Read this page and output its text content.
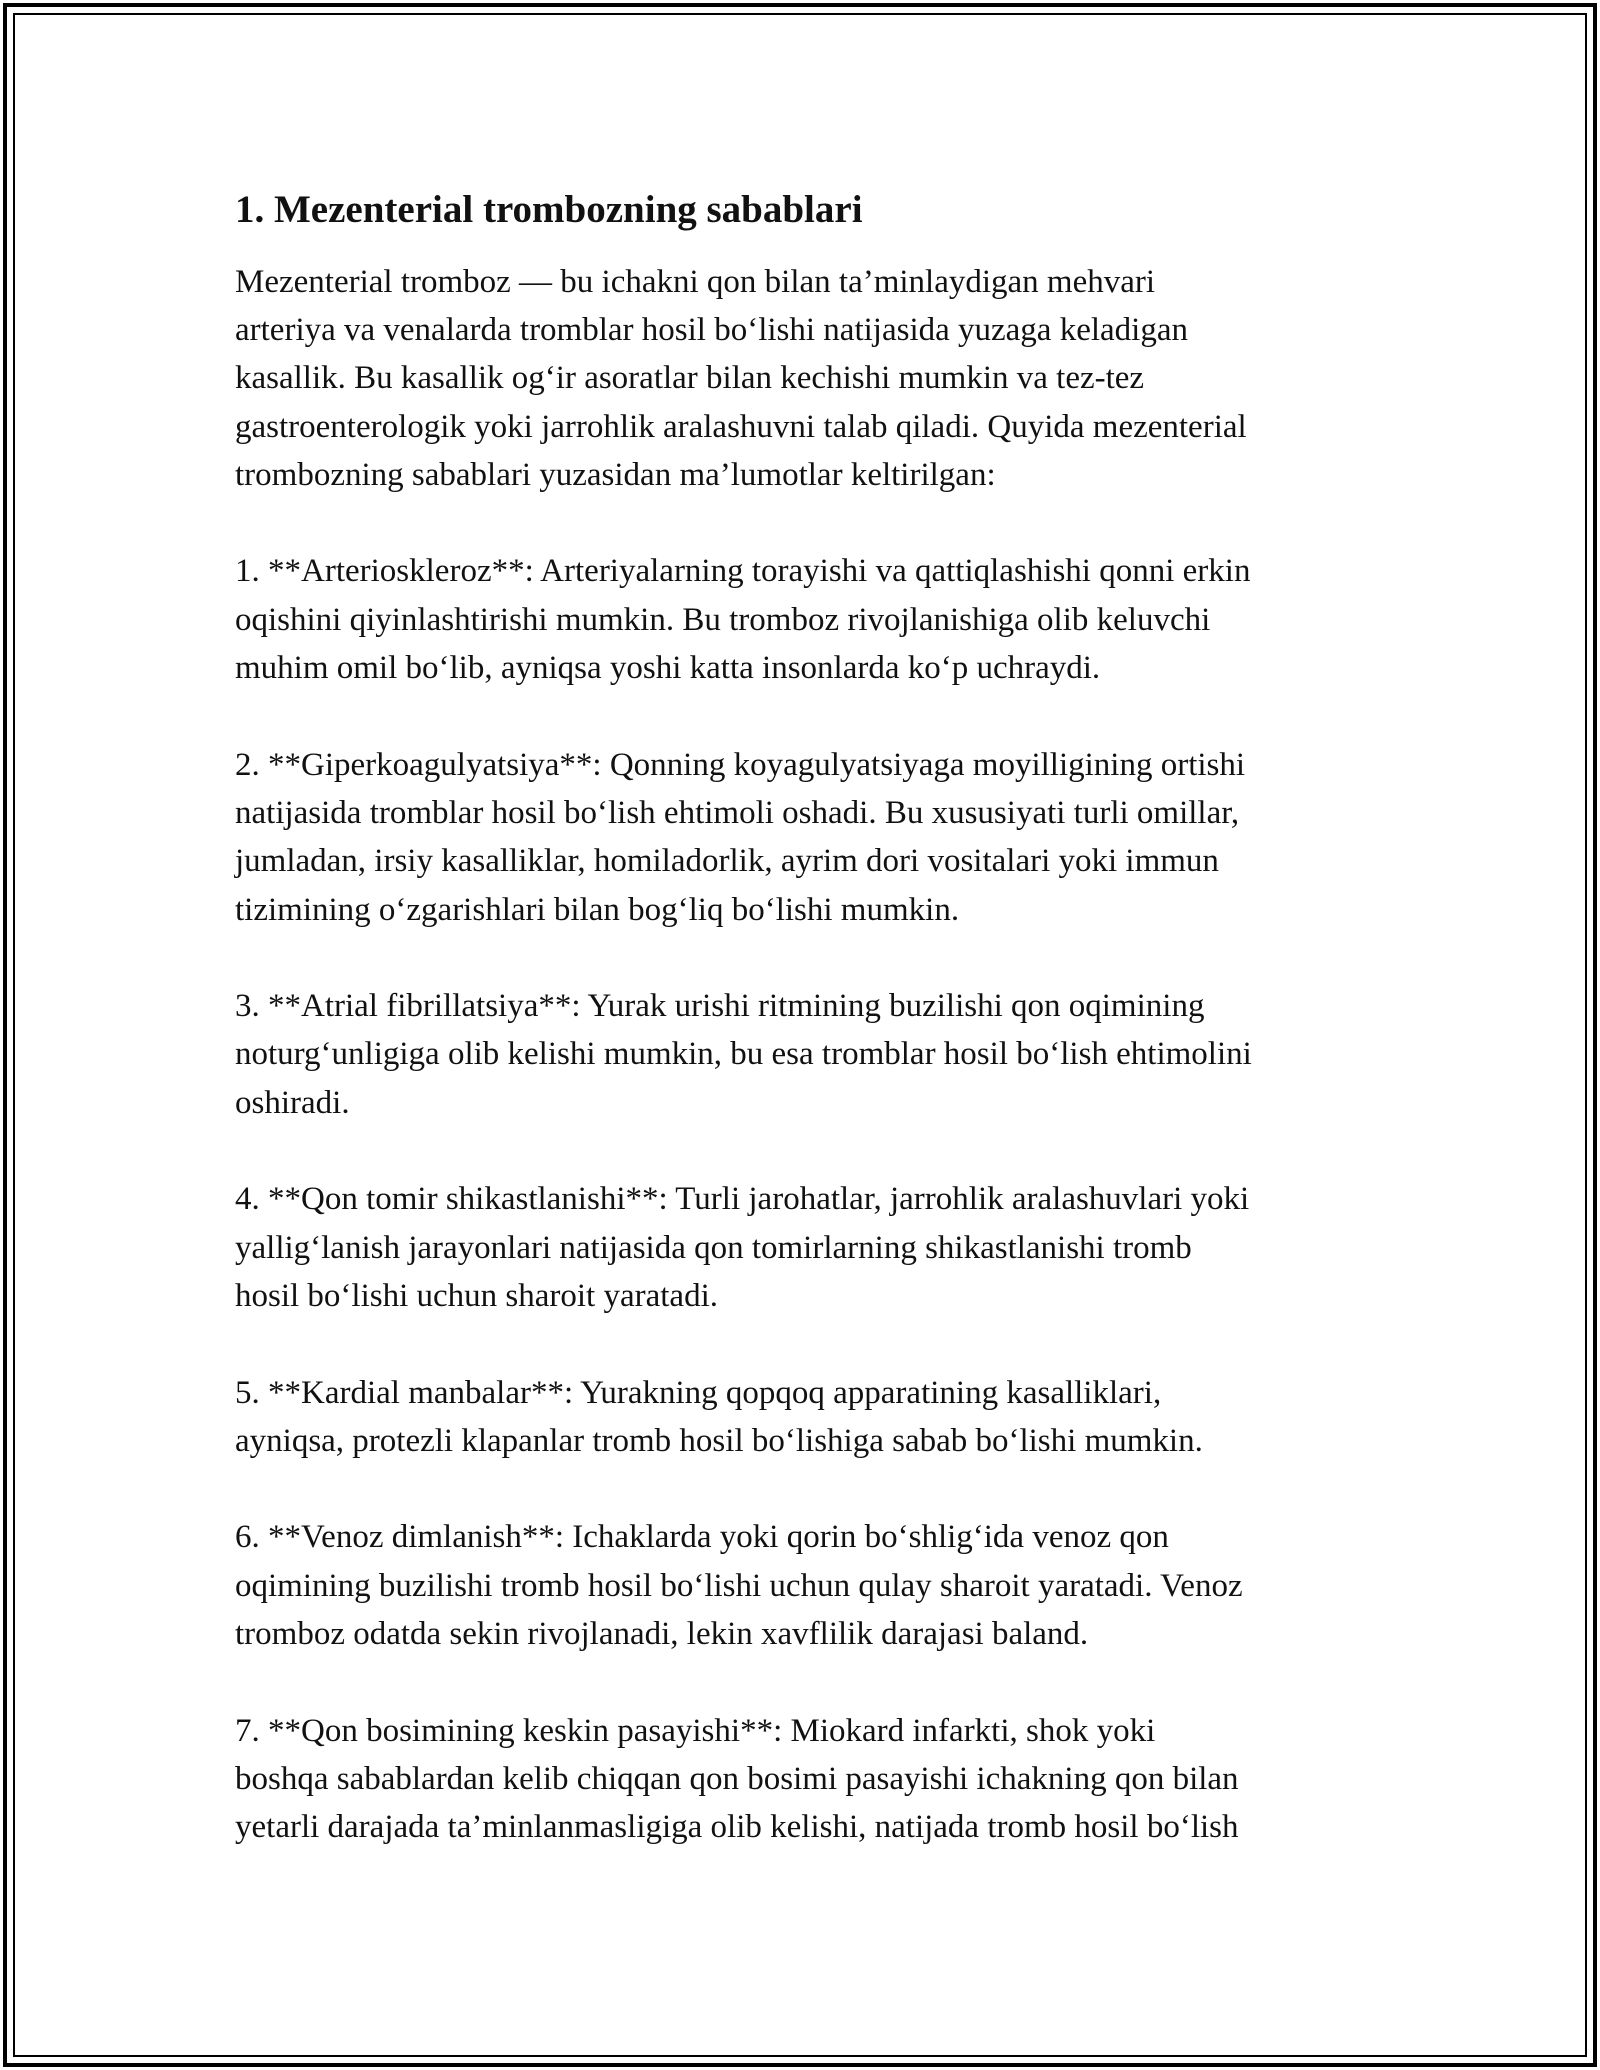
1. Mezenterial trombozning sabablari

Mezenterial tromboz — bu ichakni qon bilan ta’minlaydigan mehvari
arteriya va venalarda tromblar hosil bo‘lishi natijasida yuzaga keladigan
kasallik. Bu kasallik og‘ir asoratlar bilan kechishi mumkin va tez-tez
gastroenterologik yoki jarrohlik aralashuvni talab qiladi. Quyida mezenterial
trombozning sabablari yuzasidan ma’lumotlar keltirilgan:

1. **Arterioskleroz**: Arteriyalarning torayishi va qattiqlashishi qonni erkin
oqishini qiyinlashtirishi mumkin. Bu tromboz rivojlanishiga olib keluvchi
muhim omil bo‘lib, ayniqsa yoshi katta insonlarda ko‘p uchraydi.

2. **Giperkoagulyatsiya**: Qonning koyagulyatsiyaga moyilligining ortishi
natijasida tromblar hosil bo‘lish ehtimoli oshadi. Bu xususiyati turli omillar,
jumladan, irsiy kasalliklar, homiladorlik, ayrim dori vositalari yoki immun
tizimining o‘zgarishlari bilan bog‘liq bo‘lishi mumkin.

3. **Atrial fibrillatsiya**: Yurak urishi ritmining buzilishi qon oqimining
noturg‘unligiga olib kelishi mumkin, bu esa tromblar hosil bo‘lish ehtimolini
oshiradi.

4. **Qon tomir shikastlanishi**: Turli jarohatlar, jarrohlik aralashuvlari yoki
yallig‘lanish jarayonlari natijasida qon tomirlarning shikastlanishi tromb
hosil bo‘lishi uchun sharoit yaratadi.

5. **Kardial manbalar**: Yurakning qopqoq apparatining kasalliklari,
ayniqsa, protezli klapanlar tromb hosil bo‘lishiga sabab bo‘lishi mumkin.

6. **Venoz dimlanish**: Ichaklarda yoki qorin bo‘shlig‘ida venoz qon
oqimining buzilishi tromb hosil bo‘lishi uchun qulay sharoit yaratadi. Venoz
tromboz odatda sekin rivojlanadi, lekin xavflilik darajasi baland.

7. **Qon bosimining keskin pasayishi**: Miokard infarkti, shok yoki
boshqa sabablardan kelib chiqqan qon bosimi pasayishi ichakning qon bilan
yetarli darajada ta’minlanmasligiga olib kelishi, natijada tromb hosil bo‘lish
